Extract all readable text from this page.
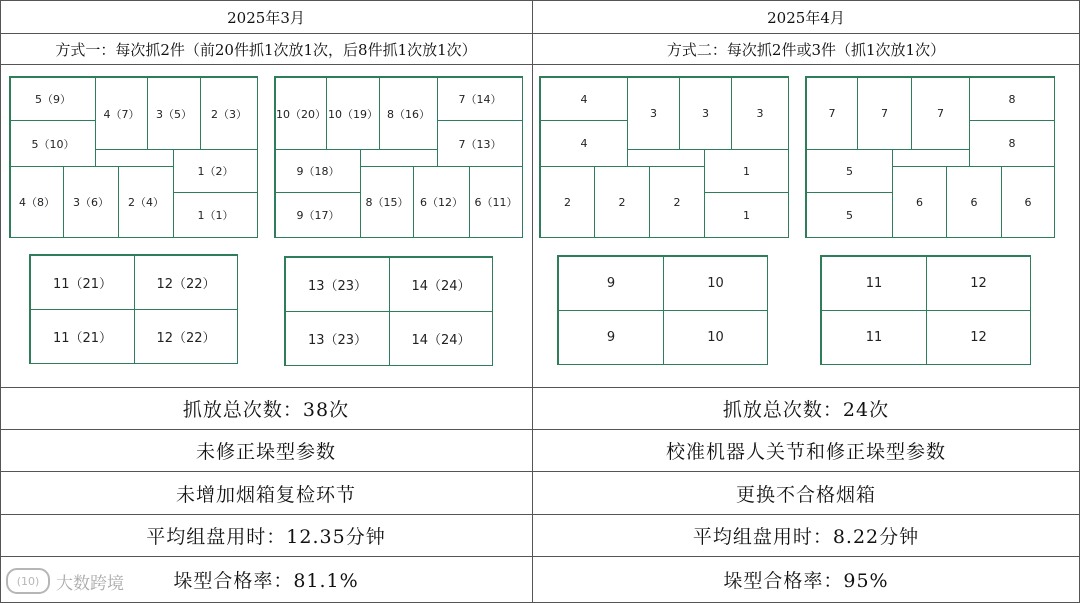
2025年3月	2025年4月
方式一：每次抓2件（前20件抓1次放1次，后8件抓1次放1次）	方式二：每次抓2件或3件（抓1次放1次）
5（9）
4（7）	3（5）	2（3）
5（10）
1（2）
4（8）	3（6）	2（4）
1（1）
10（20） 10（19） 8（16）
7（14）
7（13）
9（18）
9（17）
8（15）	6（12）	6（11）
11（21）	12（22）
11（21）	12（22）
13（23）	14（24）
13（23）	14（24）
4
3	3	3
4
1
2	2	2
1
7	7	7
8
8
5
5
6	6	6
9	10
9	10
11	12
11	12
抓放总次数：38次	抓放总次数：24次
未修正垛型参数	校准机器人关节和修正垛型参数
未增加烟箱复检环节	更换不合格烟箱
平均组盘用时：12.35分钟	平均组盘用时：8.22分钟
垛型合格率：81.1%	垛型合格率：95%
(10) 大数跨境
